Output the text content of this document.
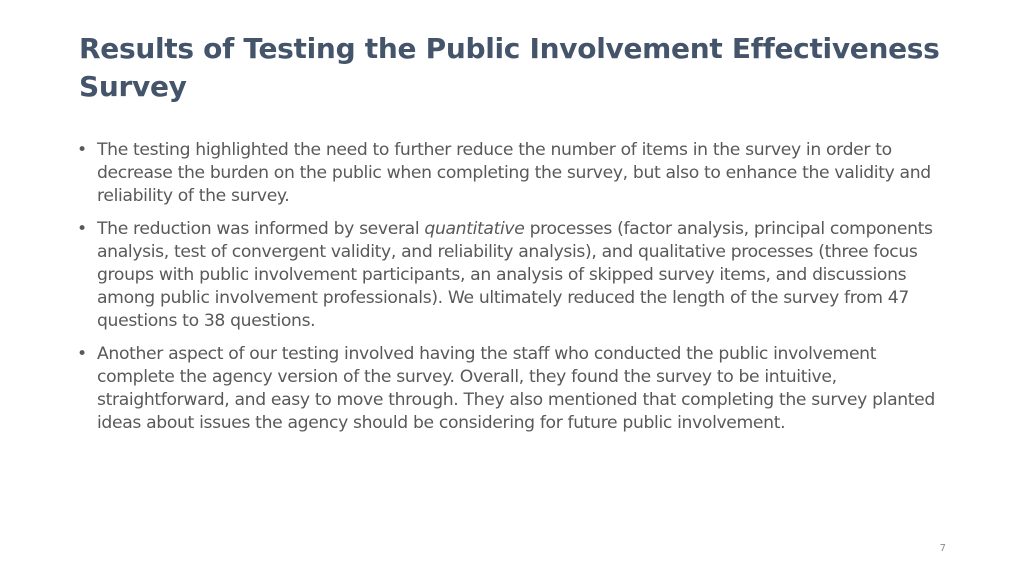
Results of Testing the Public Involvement Effectiveness Survey
• The testing highlighted the need to further reduce the number of items in the survey in order to decrease the burden on the public when completing the survey, but also to enhance the validity and reliability of the survey.
• The reduction was informed by several quantitative processes (factor analysis, principal components analysis, test of convergent validity, and reliability analysis), and qualitative processes (three focus groups with public involvement participants, an analysis of skipped survey items, and discussions among public involvement professionals). We ultimately reduced the length of the survey from 47 questions to 38 questions.
• Another aspect of our testing involved having the staff who conducted the public involvement complete the agency version of the survey. Overall, they found the survey to be intuitive, straightforward, and easy to move through. They also mentioned that completing the survey planted ideas about issues the agency should be considering for future public involvement.
7
